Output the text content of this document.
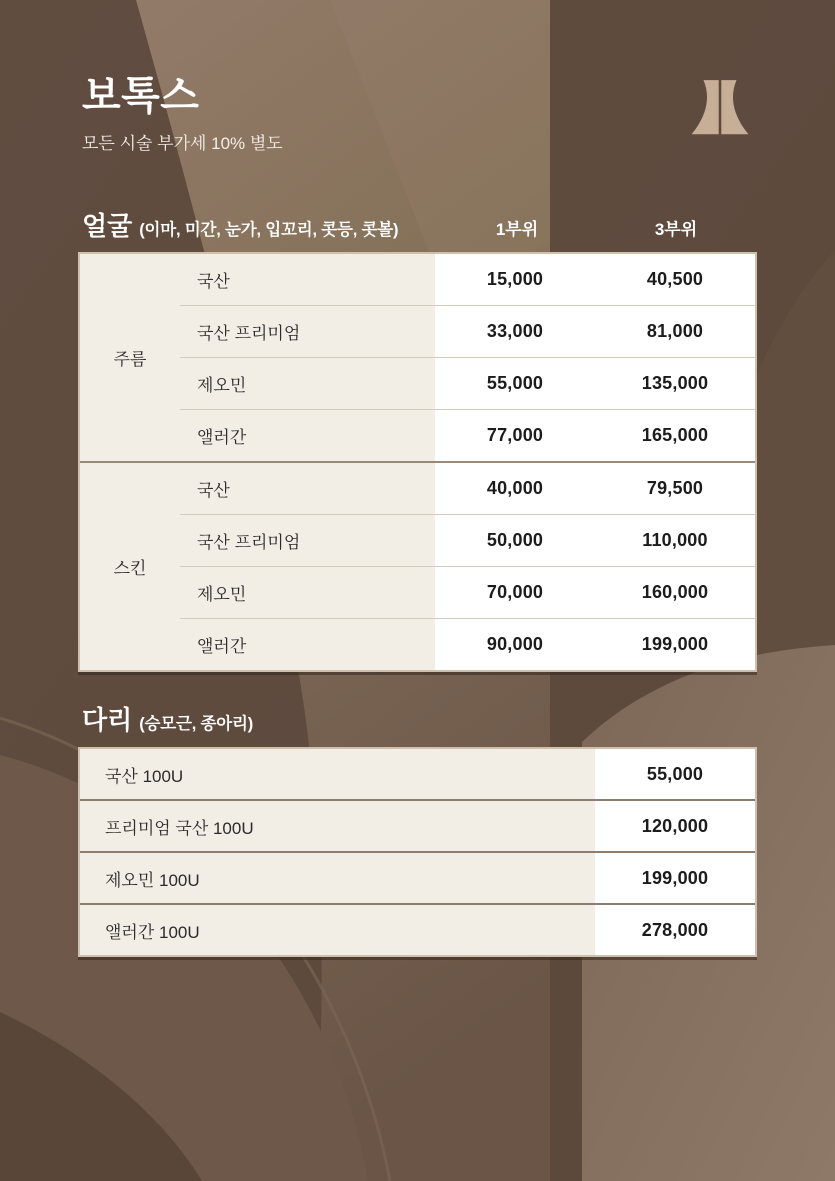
보톡스
모든 시술 부가세 10% 별도
얼굴 (이마, 미간, 눈가, 입꼬리, 콧등, 콧볼)	1부위	3부위
주름
국산	15,000	40,500
국산 프리미엄	33,000	81,000
제오민	55,000	135,000
앨러간	77,000	165,000
스킨
국산	40,000	79,500
국산 프리미엄	50,000	110,000
제오민	70,000	160,000
앨러간	90,000	199,000
다리 (승모근, 종아리)
국산 100U	55,000
프리미엄 국산 100U	120,000
제오민 100U	199,000
앨러간 100U	278,000
